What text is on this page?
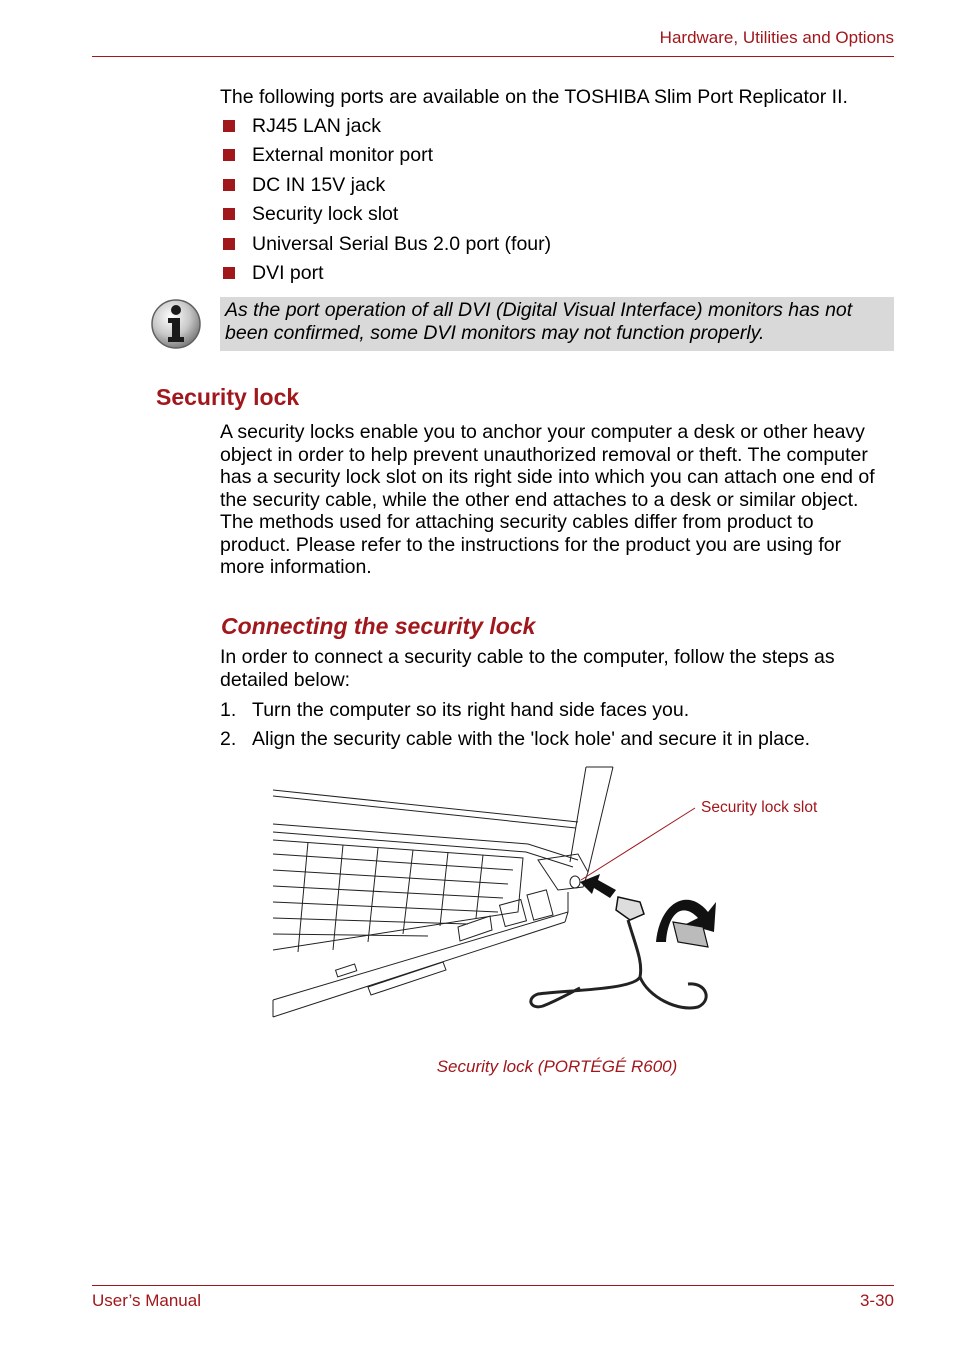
Hardware, Utilities and Options
The following ports are available on the TOSHIBA Slim Port Replicator II.
RJ45 LAN jack
External monitor port
DC IN 15V jack
Security lock slot
Universal Serial Bus 2.0 port (four)
DVI port
As the port operation of all DVI (Digital Visual Interface) monitors has not
been confirmed, some DVI monitors may not function properly.
Security lock
A security locks enable you to anchor your computer a desk or other heavy
object in order to help prevent unauthorized removal or theft. The computer
has a security lock slot on its right side into which you can attach one end of
the security cable, while the other end attaches to a desk or similar object.
The methods used for attaching security cables differ from product to
product. Please refer to the instructions for the product you are using for
more information.
Connecting the security lock
In order to connect a security cable to the computer, follow the steps as
detailed below:
1. Turn the computer so its right hand side faces you.
2. Align the security cable with the 'lock hole' and secure it in place.
Security lock slot
Security lock (PORTÉGÉ R600)
User’s Manual	3-30
